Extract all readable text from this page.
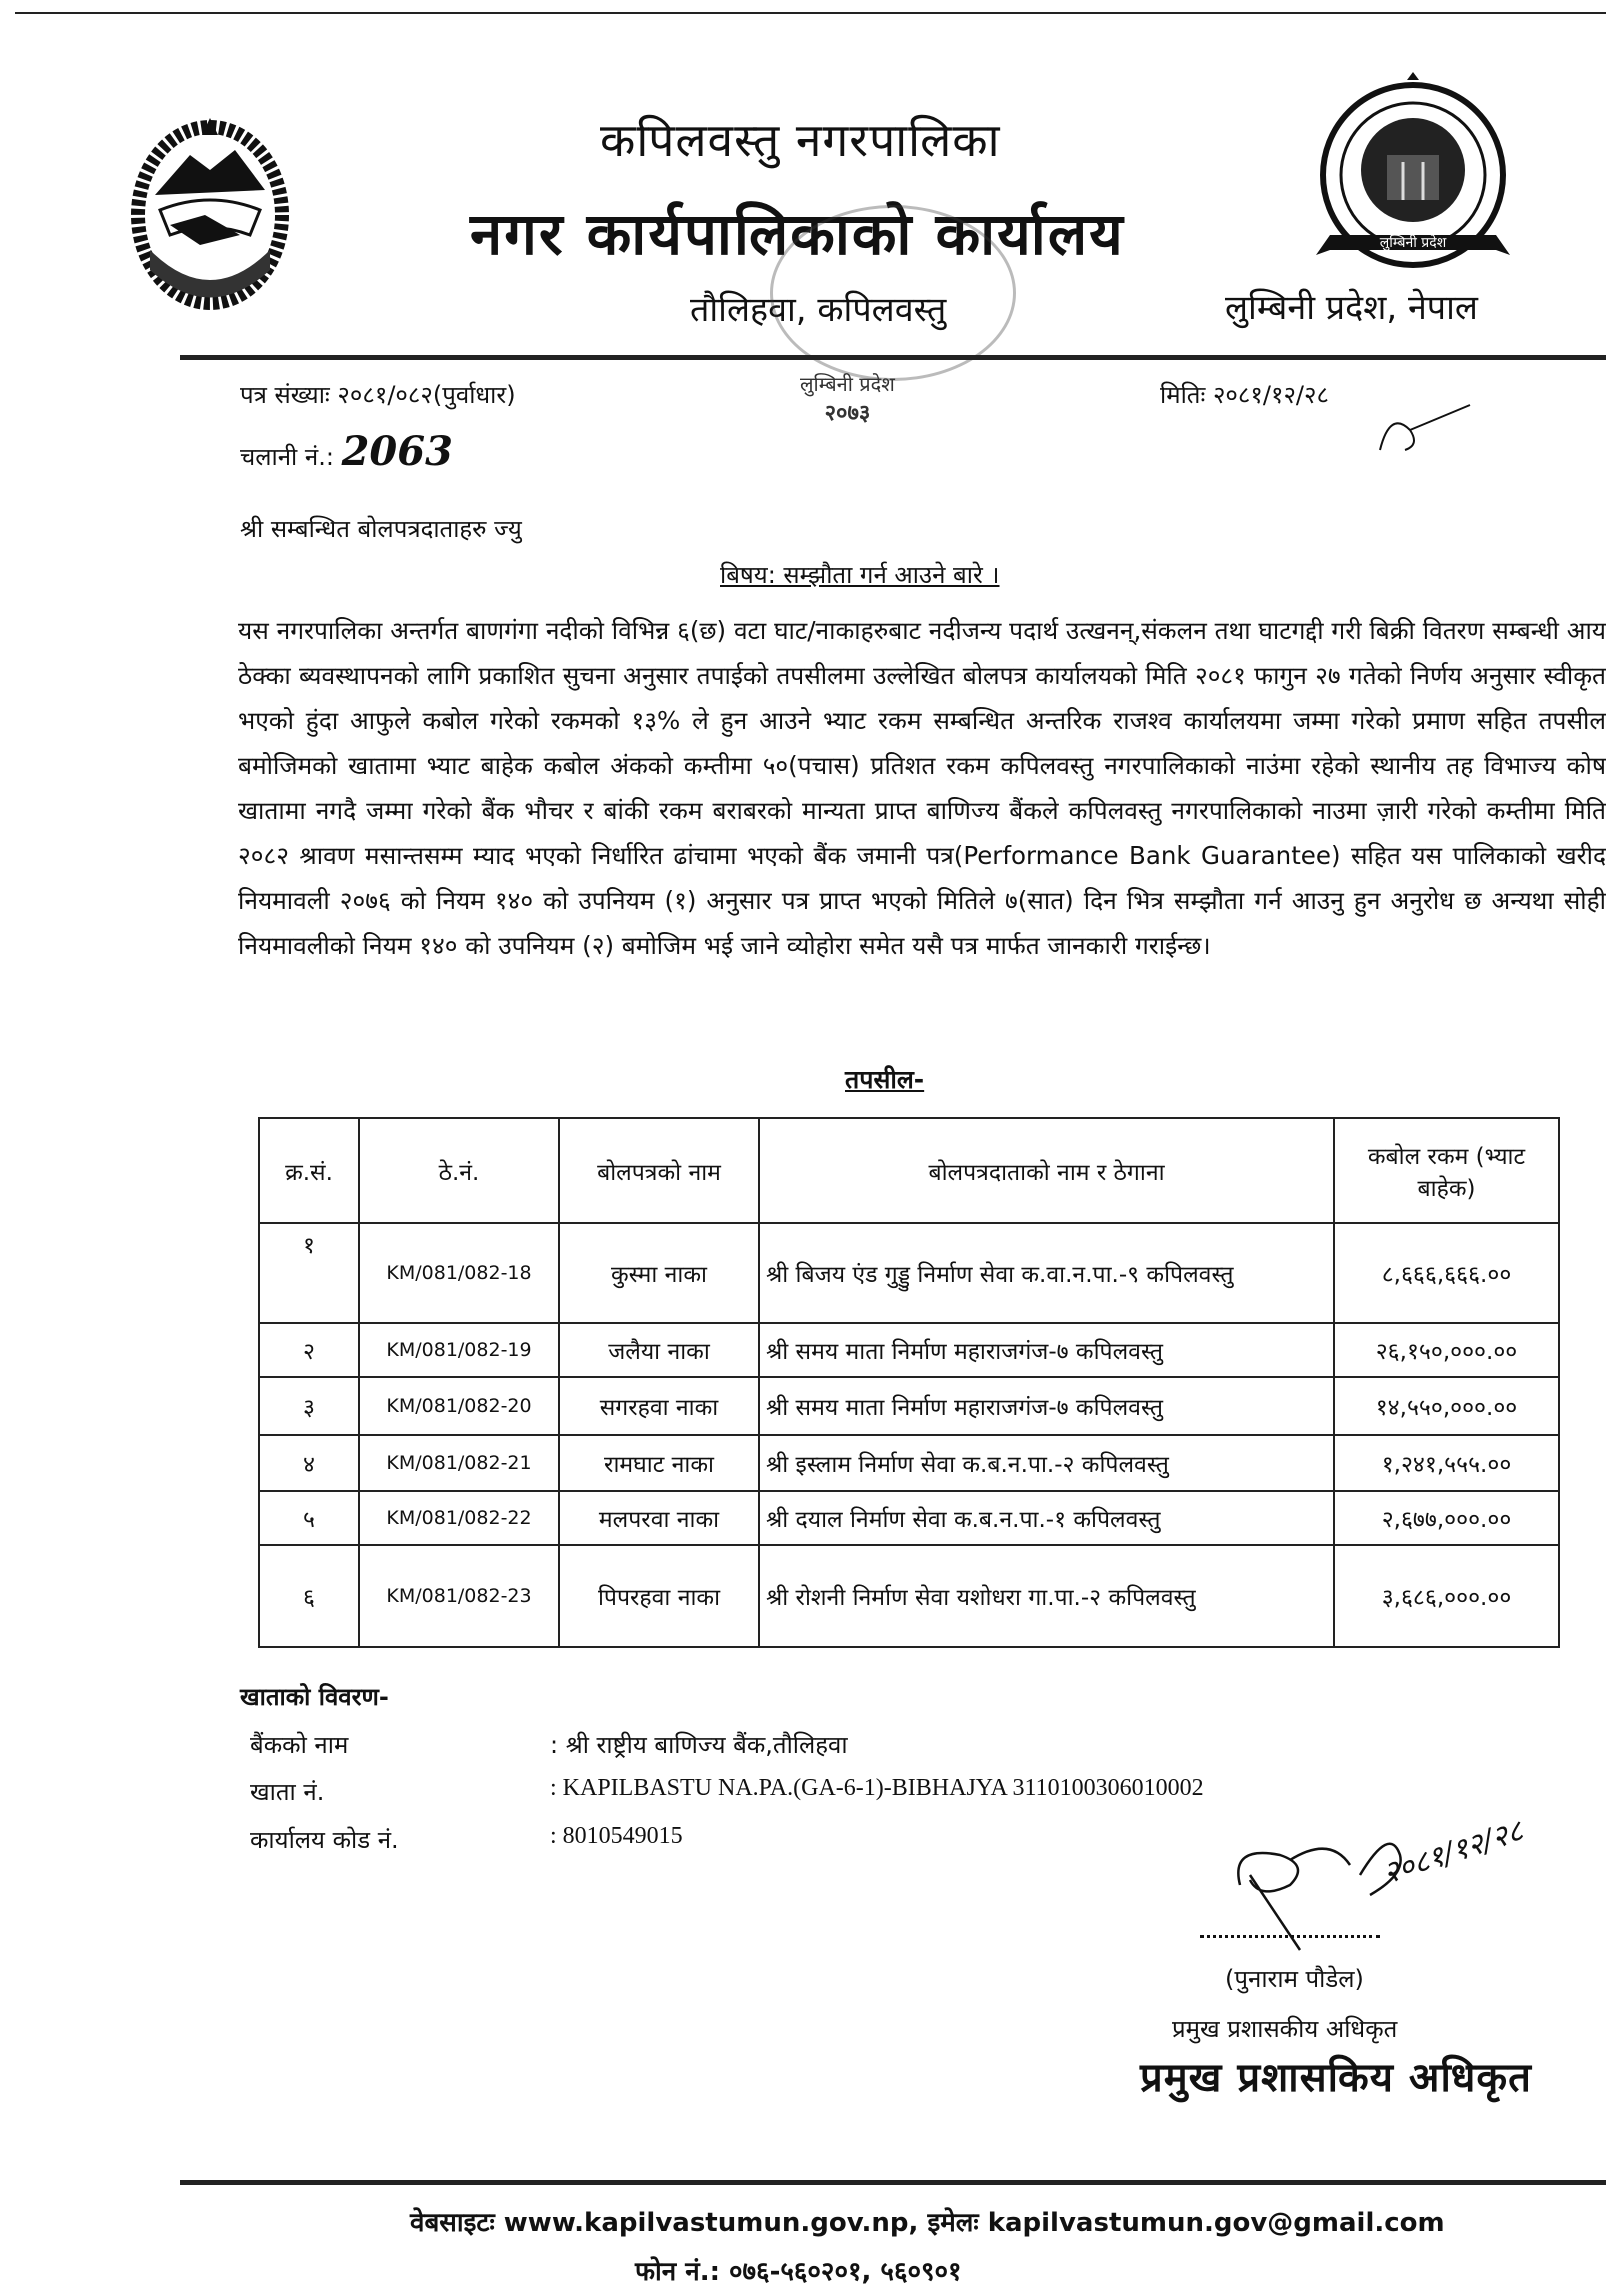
कपिलवस्तु नगरपालिका
नगर कार्यपालिकाको कार्यालय
तौलिहवा, कपिलवस्तु
लुम्बिनी प्रदेश
लुम्बिनी प्रदेश, नेपाल
पत्र संख्याः २०८१/०८२(पुर्वाधार)
चलानी नं.: 2063
लुम्बिनी प्रदेश
२०७३
मितिः २०८१/१२/२८
श्री सम्बन्धित बोलपत्रदाताहरु ज्यु
बिषय: सम्झौता गर्न आउने बारे ।
यस नगरपालिका अन्तर्गत बाणगंगा नदीको विभिन्न ६(छ) वटा घाट/नाकाहरुबाट नदीजन्य पदार्थ उत्खनन्,संकलन तथा घाटगद्दी गरी बिक्री वितरण सम्बन्धी आय ठेक्का ब्यवस्थापनको लागि प्रकाशित सुचना अनुसार तपाईको तपसीलमा उल्लेखित बोलपत्र कार्यालयको मिति २०८१ फागुन २७ गतेको निर्णय अनुसार स्वीकृत भएको हुंदा आफुले कबोल गरेको रकमको १३% ले हुन आउने भ्याट रकम सम्बन्धित अन्तरिक राजश्व कार्यालयमा जम्मा गरेको प्रमाण सहित तपसील बमोजिमको खातामा भ्याट बाहेक कबोल अंकको कम्तीमा ५०(पचास) प्रतिशत रकम कपिलवस्तु नगरपालिकाको नाउंमा रहेको स्थानीय तह विभाज्य कोष खातामा नगदै जम्मा गरेको बैंक भौचर र बांकी रकम बराबरको मान्यता प्राप्त बाणिज्य बैंकले कपिलवस्तु नगरपालिकाको नाउमा ज़ारी गरेको कम्तीमा मिति २०८२ श्रावण मसान्तसम्म म्याद भएको निर्धारित ढांचामा भएको बैंक जमानी पत्र(Performance Bank Guarantee) सहित यस पालिकाको खरीद नियमावली २०७६ को नियम १४० को उपनियम (१) अनुसार पत्र प्राप्त भएको मितिले ७(सात) दिन भित्र सम्झौता गर्न आउनु हुन अनुरोध छ अन्यथा सोही नियमावलीको नियम १४० को उपनियम (२) बमोजिम भई जाने व्योहोरा समेत यसै पत्र मार्फत जानकारी गराईन्छ।
तपसील-
क्र.सं.	ठे.नं.	बोलपत्रको नाम	बोलपत्रदाताको नाम र ठेगाना	कबोल रकम (भ्याट बाहेक)
१	KM/081/082-18	कुस्मा नाका	श्री बिजय एंड गुड्डु निर्माण सेवा क.वा.न.पा.-९ कपिलवस्तु	८,६६६,६६६.००
२	KM/081/082-19	जलैया नाका	श्री समय माता निर्माण महाराजगंज-७ कपिलवस्तु	२६,१५०,०००.००
३	KM/081/082-20	सगरहवा नाका	श्री समय माता निर्माण महाराजगंज-७ कपिलवस्तु	१४,५५०,०००.००
४	KM/081/082-21	रामघाट नाका	श्री इस्लाम निर्माण सेवा क.ब.न.पा.-२ कपिलवस्तु	१,२४१,५५५.००
५	KM/081/082-22	मलपरवा नाका	श्री दयाल निर्माण सेवा क.ब.न.पा.-१ कपिलवस्तु	२,६७७,०००.००
६	KM/081/082-23	पिपरहवा नाका	श्री रोशनी निर्माण सेवा यशोधरा गा.पा.-२ कपिलवस्तु	३,६८६,०००.००
खाताको विवरण-
बैंकको नाम	: श्री राष्ट्रीय बाणिज्य बैंक,तौलिहवा
खाता नं.	: KAPILBASTU NA.PA.(GA-6-1)-BIBHAJYA 3110100306010002
कार्यालय कोड नं.	: 8010549015	२०८१/१२/२८
(पुनाराम पौडेल)
प्रमुख प्रशासकीय अधिकृत
प्रमुख प्रशासकिय अधिकृत
वेबसाइटः www.kapilvastumun.gov.np, इमेलः kapilvastumun.gov@gmail.com
फोन नं.: ०७६-५६०२०१, ५६०९०१
